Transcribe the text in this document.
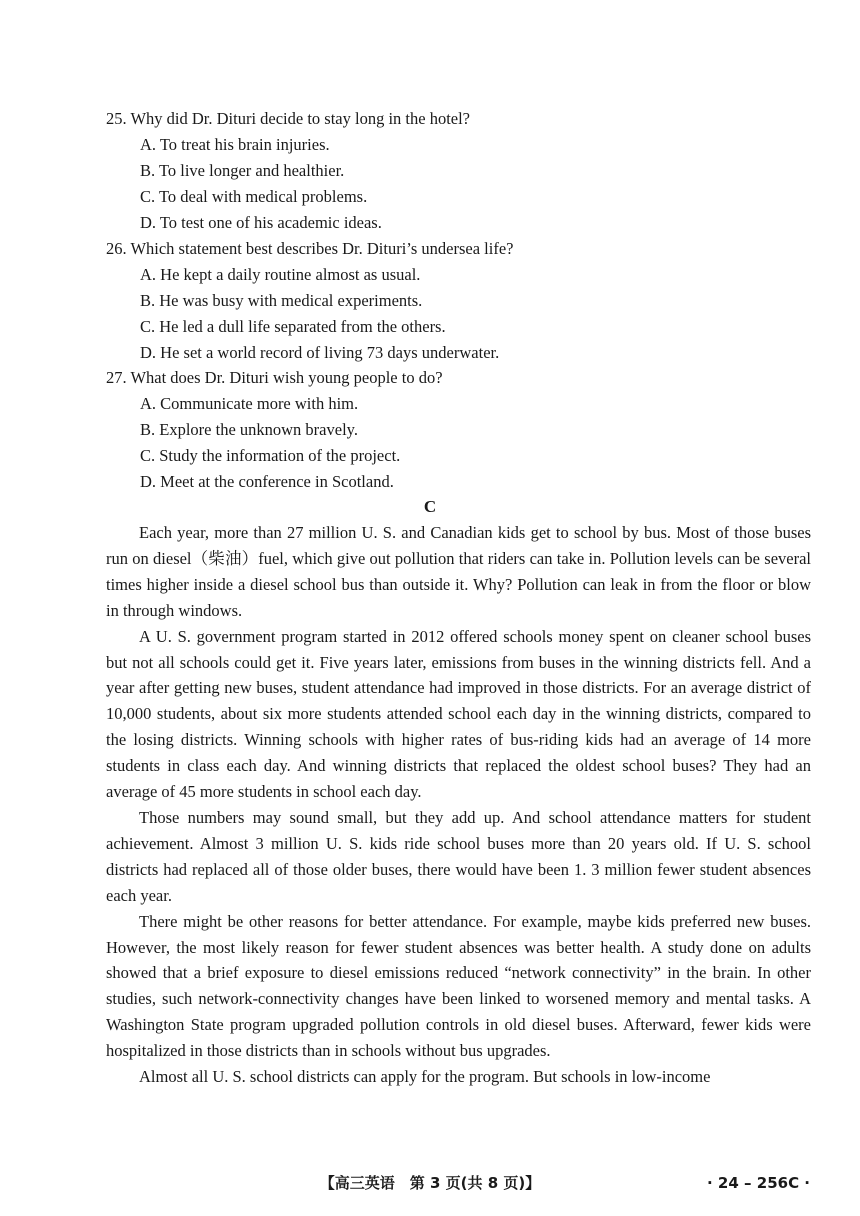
25. Why did Dr. Dituri decide to stay long in the hotel?
A. To treat his brain injuries.
B. To live longer and healthier.
C. To deal with medical problems.
D. To test one of his academic ideas.
26. Which statement best describes Dr. Dituri’s undersea life?
A. He kept a daily routine almost as usual.
B. He was busy with medical experiments.
C. He led a dull life separated from the others.
D. He set a world record of living 73 days underwater.
27. What does Dr. Dituri wish young people to do?
A. Communicate more with him.
B. Explore the unknown bravely.
C. Study the information of the project.
D. Meet at the conference in Scotland.
C

Each year, more than 27 million U. S. and Canadian kids get to school by bus. Most of those buses run on diesel（柴油）fuel, which give out pollution that riders can take in. Pollution levels can be several times higher inside a diesel school bus than outside it. Why? Pollution can leak in from the floor or blow in through windows.

A U. S. government program started in 2012 offered schools money spent on cleaner school buses but not all schools could get it. Five years later, emissions from buses in the winning districts fell. And a year after getting new buses, student attendance had improved in those districts. For an average district of 10,000 students, about six more students attended school each day in the winning districts, compared to the losing districts. Winning schools with higher rates of bus-riding kids had an average of 14 more students in class each day. And winning districts that replaced the oldest school buses? They had an average of 45 more students in school each day.

Those numbers may sound small, but they add up. And school attendance matters for student achievement. Almost 3 million U. S. kids ride school buses more than 20 years old. If U. S. school districts had replaced all of those older buses, there would have been 1. 3 million fewer student absences each year.

There might be other reasons for better attendance. For example, maybe kids preferred new buses. However, the most likely reason for fewer student absences was better health. A study done on adults showed that a brief exposure to diesel emissions reduced “network connectivity” in the brain. In other studies, such network-connectivity changes have been linked to worsened memory and mental tasks. A Washington State program upgraded pollution controls in old diesel buses. Afterward, fewer kids were hospitalized in those districts than in schools without bus upgrades.

Almost all U. S. school districts can apply for the program. But schools in low-income

【高三英语　第 3 页(共 8 页)】	· 24 – 256C ·
